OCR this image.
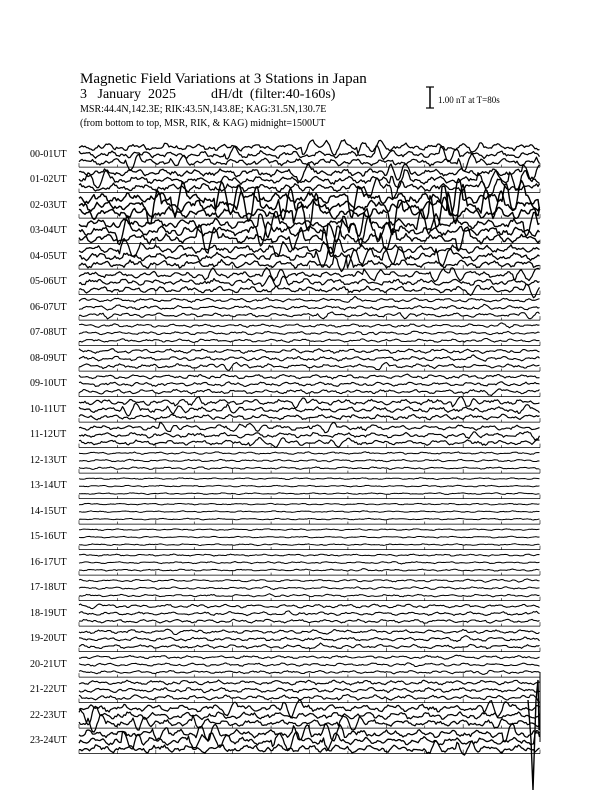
Magnetic Field Variations at 3 Stations in Japan
3   January  2025	dH/dt  (filter:40-160s)
MSR:44.4N,142.3E; RIK:43.5N,143.8E; KAG:31.5N,130.7E
(from bottom to top, MSR, RIK, & KAG) midnight=1500UT
1.00 nT at T=80s
00-01UT
01-02UT
02-03UT
03-04UT
04-05UT
05-06UT
06-07UT
07-08UT
08-09UT
09-10UT
10-11UT
11-12UT
12-13UT
13-14UT
14-15UT
15-16UT
16-17UT
17-18UT
18-19UT
19-20UT
20-21UT
21-22UT
22-23UT
23-24UT
